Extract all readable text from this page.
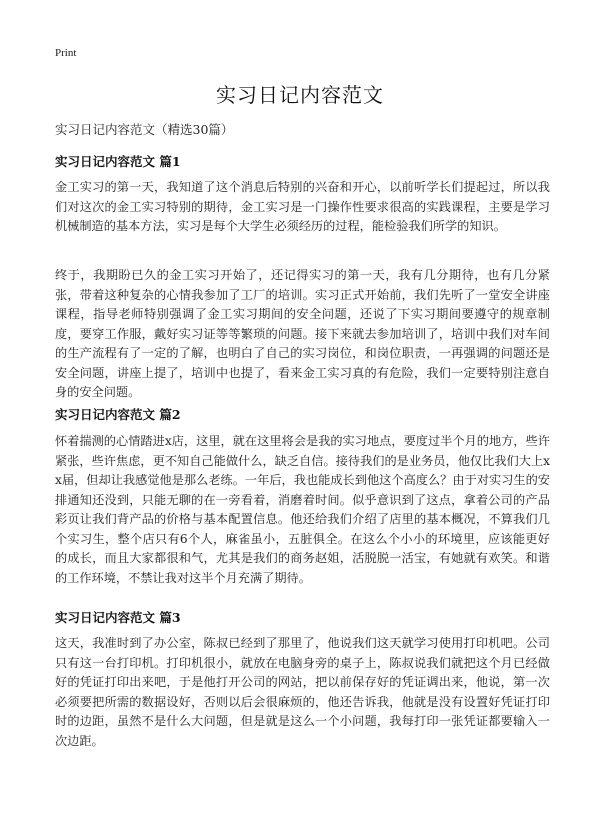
Print
实习日记内容范文

实习日记内容范文（精选30篇）

实习日记内容范文 篇1

金工实习的第一天，我知道了这个消息后特别的兴奋和开心，以前听学长们提起过，所以我们对这次的金工实习特别的期待，金工实习是一门操作性要求很高的实践课程，主要是学习机械制造的基本方法，实习是每个大学生必须经历的过程，能检验我们所学的知识。

终于，我期盼已久的金工实习开始了，还记得实习的第一天，我有几分期待，也有几分紧张，带着这种复杂的心情我参加了工厂的培训。实习正式开始前，我们先听了一堂安全讲座课程，指导老师特别强调了金工实习期间的安全问题，还说了下实习期间要遵守的规章制度，要穿工作服，戴好实习证等等繁琐的问题。接下来就去参加培训了，培训中我们对车间的生产流程有了一定的了解，也明白了自己的实习岗位，和岗位职责，一再强调的问题还是安全问题，讲座上提了，培训中也提了，看来金工实习真的有危险，我们一定要特别注意自身的安全问题。

实习日记内容范文 篇2

怀着揣测的心情踏进x店，这里，就在这里将会是我的实习地点，要度过半个月的地方，些许紧张，些许焦虑，更不知自己能做什么，缺乏自信。接待我们的是业务员，他仅比我们大上xx届，但却让我感觉他是那么老练。一年后，我也能成长到他这个高度么？由于对实习生的安排通知还没到，只能无聊的在一旁看着，消磨着时间。似乎意识到了这点，拿着公司的产品彩页让我们背产品的价格与基本配置信息。他还给我们介绍了店里的基本概况，不算我们几个实习生，整个店只有6个人，麻雀虽小，五脏俱全。在这么个小小的环境里，应该能更好的成长，而且大家都很和气，尤其是我们的商务赵姐，活脱脱一活宝，有她就有欢笑。和谐的工作环境，不禁让我对这半个月充满了期待。

实习日记内容范文 篇3

这天，我准时到了办公室，陈叔已经到了那里了，他说我们这天就学习使用打印机吧。公司只有这一台打印机。打印机很小，就放在电脑身旁的桌子上，陈叔说我们就把这个月已经做好的凭证打印出来吧，于是他打开公司的网站，把以前保存好的凭证调出来，他说，第一次必须要把所需的数据设好，否则以后会很麻烦的，他还告诉我，他就是没有设置好凭证打印时的边距，虽然不是什么大问题，但是就是这么一个小问题，我每打印一张凭证都要输入一次边距。
